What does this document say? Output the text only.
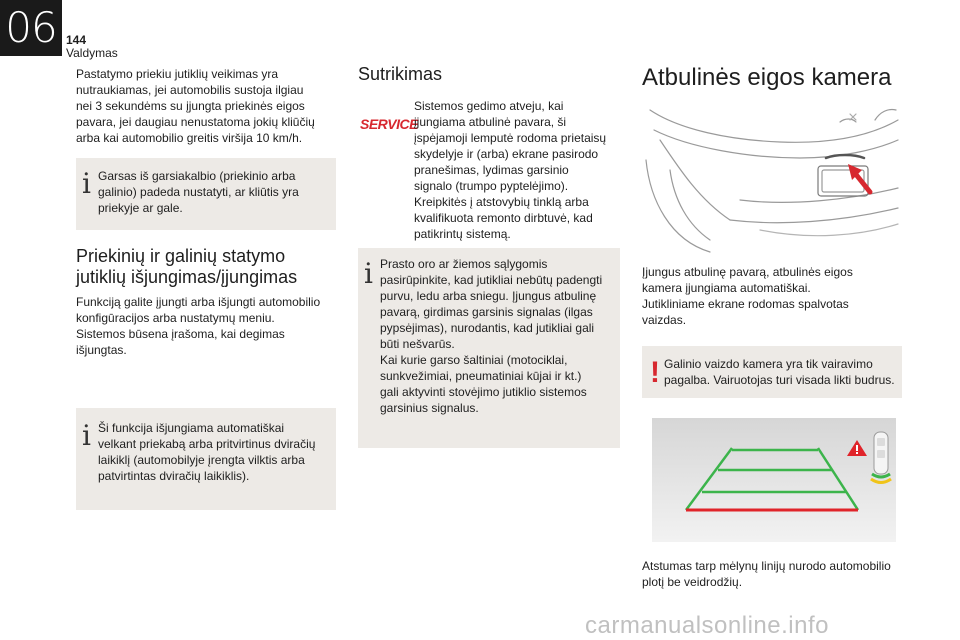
06 144
Valdymas
Pastatymo priekiu jutiklių veikimas yra
nutraukiamas, jei automobilis sustoja ilgiau
nei 3 sekundėms su įjungta priekinės eigos
pavara, jei daugiau nenustatoma jokių kliūčių
arba kai automobilio greitis viršija 10 km/h.
i Garsas iš garsiakalbio (priekinio arba
galinio) padeda nustatyti, ar kliūtis yra
priekyje ar gale.
Priekinių ir galinių statymo
jutiklių išjungimas/įjungimas
Funkciją galite įjungti arba išjungti automobilio
konfigūracijos arba nustatymų meniu.
Sistemos būsena įrašoma, kai degimas
išjungtas.
i Ši funkcija išjungiama automatiškai
velkant priekabą arba pritvirtinus dviračių
laikiklį (automobilyje įrengta vilktis arba
patvirtintas dviračių laikiklis).
Sutrikimas
SERVICE
Sistemos gedimo atveju, kai
įjungiama atbulinė pavara, ši
įspėjamoji lemputė rodoma prietaisų
skydelyje ir (arba) ekrane pasirodo
pranešimas, lydimas garsinio
signalo (trumpo pyptelėjimo).
Kreipkitės į atstovybių tinklą arba
kvalifikuota remonto dirbtuvė, kad
patikrintų sistemą.
i Prasto oro ar žiemos sąlygomis
pasirūpinkite, kad jutikliai nebūtų padengti
purvu, ledu arba sniegu. Įjungus atbulinę
pavarą, girdimas garsinis signalas (ilgas
pypsėjimas), nurodantis, kad jutikliai gali
būti nešvarūs.
Kai kurie garso šaltiniai (motociklai,
sunkvežimiai, pneumatiniai kūjai ir kt.)
gali aktyvinti stovėjimo jutiklio sistemos
garsinius signalus.
Atbulinės eigos kamera
Įjungus atbulinę pavarą, atbulinės eigos
kamera įjungiama automatiškai.
Jutikliniame ekrane rodomas spalvotas
vaizdas.
! Galinio vaizdo kamera yra tik vairavimo
pagalba. Vairuotojas turi visada likti budrus.
Atstumas tarp mėlynų linijų nurodo automobilio
plotį be veidrodžių.
carmanualsonline.info
